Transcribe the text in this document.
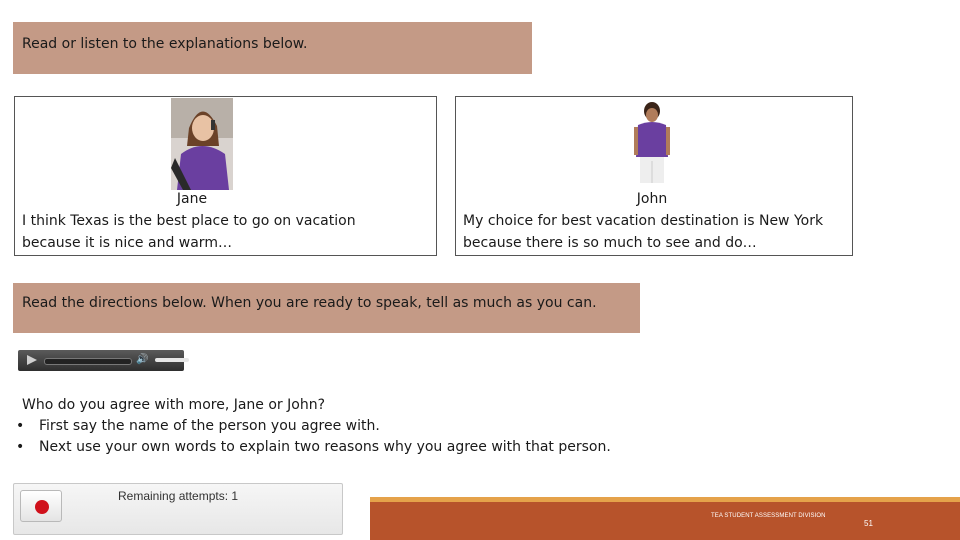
Read or listen to the explanations below.
Jane
I think Texas is the best place to go on vacation
because it is nice and warm…
John
My choice for best vacation destination is New York
because there is so much to see and do…
Read the directions below. When you are ready to speak, tell as much as you can.
🔊
Who do you agree with more, Jane or John?
• First say the name of the person you agree with.
• Next use your own words to explain two reasons why you agree with that person.
Remaining attempts: 1
TEA STUDENT ASSESSMENT DIVISION
51
